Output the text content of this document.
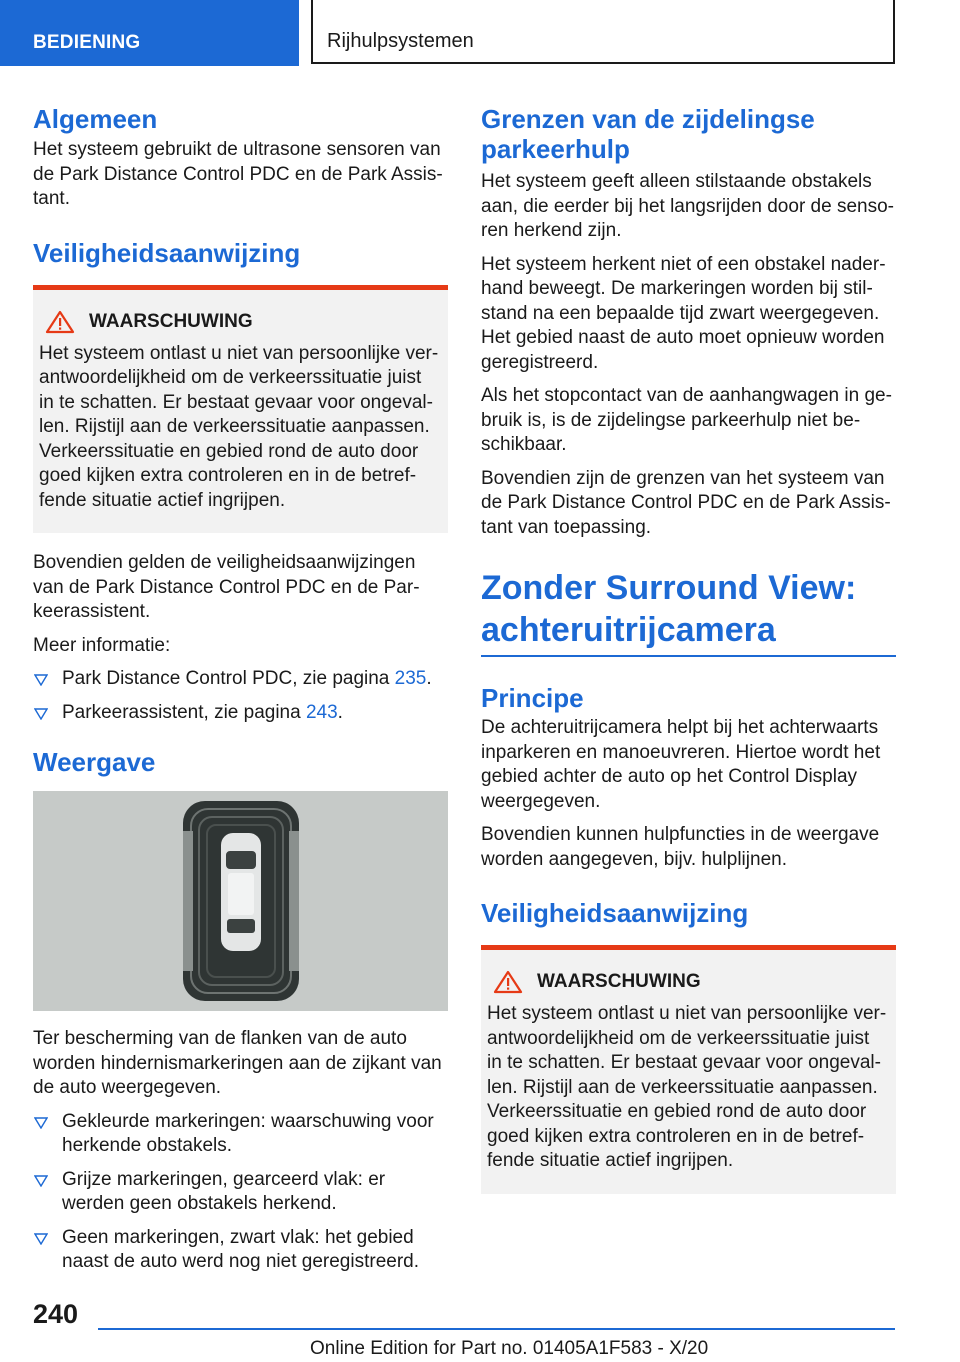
BEDIENING	Rijhulpsystemen
Algemeen

Het systeem gebruikt de ultrasone sensoren van de Park Distance Control PDC en de Park Assistant.

Veiligheidsaanwijzing
WAARSCHUWING

Het systeem ontlast u niet van persoonlijke verantwoordelijkheid om de verkeerssituatie juist in te schatten. Er bestaat gevaar voor ongevallen. Rijstijl aan de verkeerssituatie aanpassen. Verkeerssituatie en gebied rond de auto door goed kijken extra controleren en in de betreffende situatie actief ingrijpen.

Bovendien gelden de veiligheidsaanwijzingen van de Park Distance Control PDC en de Parkeerassistent.

Meer informatie:

Park Distance Control PDC, zie pagina 235.
Parkeerassistent, zie pagina 243.
Weergave

Ter bescherming van de flanken van de auto worden hindernismarkeringen aan de zijkant van de auto weergegeven.

Gekleurde markeringen: waarschuwing voor herkende obstakels.
Grijze markeringen, gearceerd vlak: er werden geen obstakels herkend.
Geen markeringen, zwart vlak: het gebied naast de auto werd nog niet geregistreerd.
Grenzen van de zijdelingse parkeerhulp

Het systeem geeft alleen stilstaande obstakels aan, die eerder bij het langsrijden door de sensoren herkend zijn.

Het systeem herkent niet of een obstakel naderhand beweegt. De markeringen worden bij stilstand na een bepaalde tijd zwart weergegeven. Het gebied naast de auto moet opnieuw worden geregistreerd.

Als het stopcontact van de aanhangwagen in gebruik is, is de zijdelingse parkeerhulp niet beschikbaar.

Bovendien zijn de grenzen van het systeem van de Park Distance Control PDC en de Park Assistant van toepassing.

Zonder Surround View: achteruitrijcamera
Principe

De achteruitrijcamera helpt bij het achterwaarts inparkeren en manoeuvreren. Hiertoe wordt het gebied achter de auto op het Control Display weergegeven.

Bovendien kunnen hulpfuncties in de weergave worden aangegeven, bijv. hulplijnen.

Veiligheidsaanwijzing
WAARSCHUWING

Het systeem ontlast u niet van persoonlijke verantwoordelijkheid om de verkeerssituatie juist in te schatten. Er bestaat gevaar voor ongevallen. Rijstijl aan de verkeerssituatie aanpassen. Verkeerssituatie en gebied rond de auto door goed kijken extra controleren en in de betreffende situatie actief ingrijpen.

240
Online Edition for Part no. 01405A1F583 - X/20
